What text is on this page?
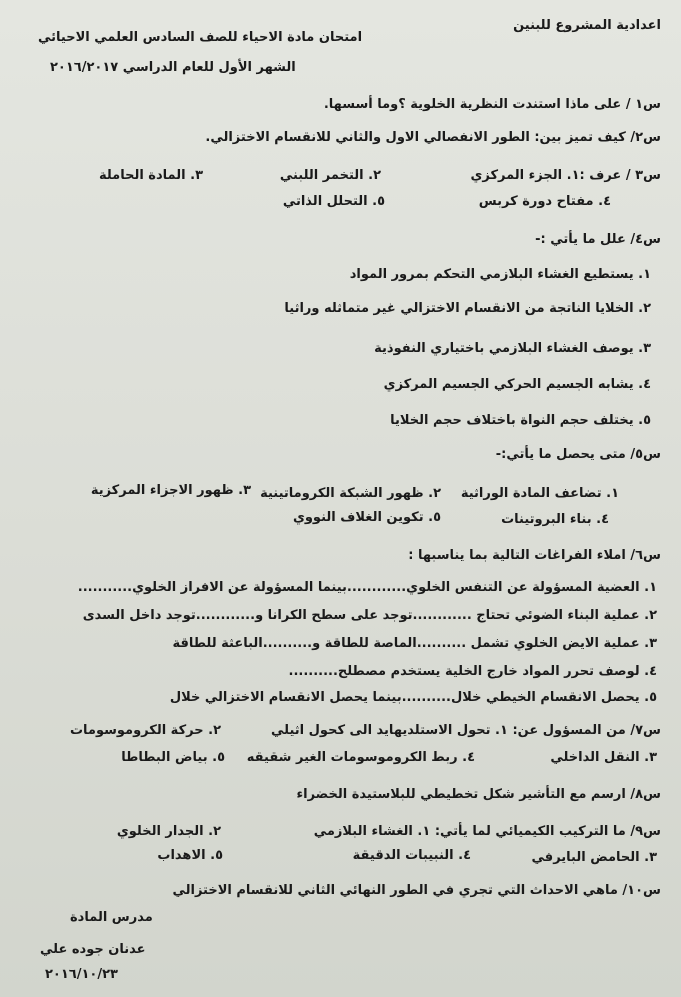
اعدادية المشروع للبنين
امتحان مادة الاحياء للصف السادس العلمي الاحيائي
الشهر الأول للعام الدراسي ٢٠١٦/٢٠١٧
س١ / على ماذا استندت النظرية الخلوية ؟وما أسسها.
س٢/ كيف تميز بين: الطور الانفصالي الاول والثاني للانقسام الاختزالي.
س٣ / عرف :١. الجزء المركزي
٢. التخمر اللبني
٣. المادة الحاملة
٤. مفتاح دورة كربس
٥. التحلل الذاتي
س٤/ علل ما يأتي :-
١. يستطيع الغشاء البلازمي التحكم بمرور المواد
٢. الخلايا الناتجة من الانقسام الاختزالي غير متماثله وراثيا
٣. يوصف الغشاء البلازمي باختياري النفوذية
٤. يشابه الجسيم الحركي الجسيم المركزي
٥. يختلف حجم النواة باختلاف حجم الخلايا
س٥/ متى يحصل ما يأتي:-
١. تضاعف المادة الوراثية
٢. ظهور الشبكة الكروماتينية
٣. ظهور الاجزاء المركزية
٤. بناء البروتينات
٥. تكوين الغلاف النووي
س٦/ املاء الفراغات التالية بما يناسبها :
١. العضية المسؤولة عن التنفس الخلوي............بينما المسؤولة عن الافراز الخلوي...........
٢. عملية البناء الضوئي تحتاج ............توجد على سطح الكرانا و............توجد داخل السدى
٣. عملية الايض الخلوي تشمل ..........الماصة للطاقة و..........الباعثة للطاقة
٤. لوصف تحرر المواد خارج الخلية يستخدم مصطلح..........
٥. يحصل الانقسام الخيطي خلال..........بينما يحصل الانقسام الاختزالي خلال
س٧/ من المسؤول عن: ١. تحول الاستلديهايد الى كحول اثيلي
٢. حركة الكروموسومات
٣. النقل الداخلي
٤. ربط الكروموسومات الغير شقيقه
٥. بياض البطاطا
س٨/ ارسم مع التأشير شكل تخطيطي للبلاستيدة الخضراء
س٩/ ما التركيب الكيميائي لما يأتي: ١. الغشاء البلازمي
٢. الجدار الخلوي
٣. الحامض البايرفي
٤. النبيبات الدقيقة
٥. الاهداب
س١٠/ ماهي الاحداث التي تجري في الطور النهائي الثاني للانقسام الاختزالي
مدرس المادة
عدنان جوده علي
٢٠١٦/١٠/٢٣
